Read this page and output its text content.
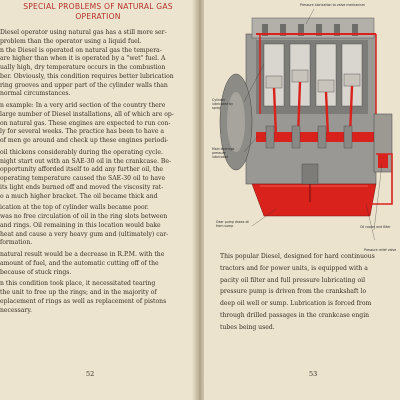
SPECIAL PROBLEMS OF NATURAL GAS
OPERATION

Diesel operator using natural gas has a still more ser-
problem than the operator using a liquid fuel.
n the Diesel is operated on natural gas the tempera-
are higher than when it is operated by a "wet" fuel. A
ually high, dry temperature occurs in the combustion
ber. Obviously, this condition requires better lubrication
ring grooves and upper part of the cylinder walls than
normal circumstances.

n example: In a very arid section of the country there
large number of Diesel installations, all of which are op-
on natural gas. These engines are expected to run con-
ly for several weeks. The practice has been to have a
of men go around and check up these engines periodi-

oil thickens considerably during the operating cycle.
night start out with an SAE-30 oil in the crankcase. Be-
opportunity afforded itself to add any further oil, the
operating temperature caused the SAE-30 oil to have
its light ends burned off and moved the viscosity rat-
o a much higher bracket. The oil became thick and

ication at the top of cylinder walls became poor.
was no free circulation of oil in the ring slots between
and rings. Oil remaining in this location would bake
heat and cause a very heavy gum and (ultimately) car-
formation.

natural result would be a decrease in R.P.M. with the
amount of fuel, and the automatic cutting off of the
because of stuck rings.

n this condition took place, it necessitated tearing
the unit to free up the rings; and in the majority of
eplacement of rings as well as replacement of pistons
necessary.

52
Pressure lubrication to valve mechanism
Cylinder lubricated by spray
Main bearings pressure lubricated
Gear pump draws oil from sump	Oil cooler and filter
Pressure relief valve
This popular Diesel, designed for hard continuous
tractors and for power units, is equipped with a
pacity oil filter and full pressure lubricating oil
pressure pump is driven from the crankshaft lo
deep oil well or sump. Lubrication is forced from
through drilled passages in the crankcase engin
tubes being used.
53
